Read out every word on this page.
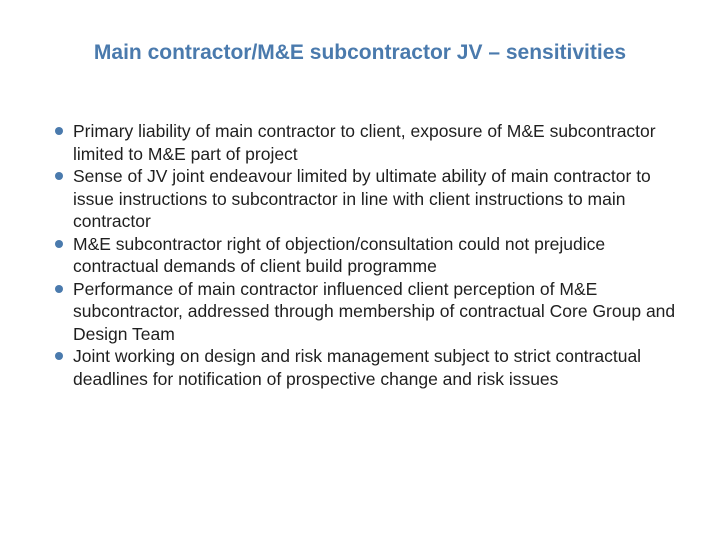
Main contractor/M&E subcontractor JV – sensitivities
Primary liability of main contractor to client, exposure of M&E subcontractor limited to M&E part of project
Sense of JV joint endeavour limited by ultimate ability of main contractor to issue instructions to subcontractor in line with client instructions to main contractor
M&E subcontractor right of objection/consultation could not prejudice contractual demands of client build programme
Performance of main contractor influenced client perception of M&E subcontractor, addressed through membership of contractual Core Group and Design Team
Joint working on design and risk management subject to strict contractual deadlines for notification of prospective change and risk issues
